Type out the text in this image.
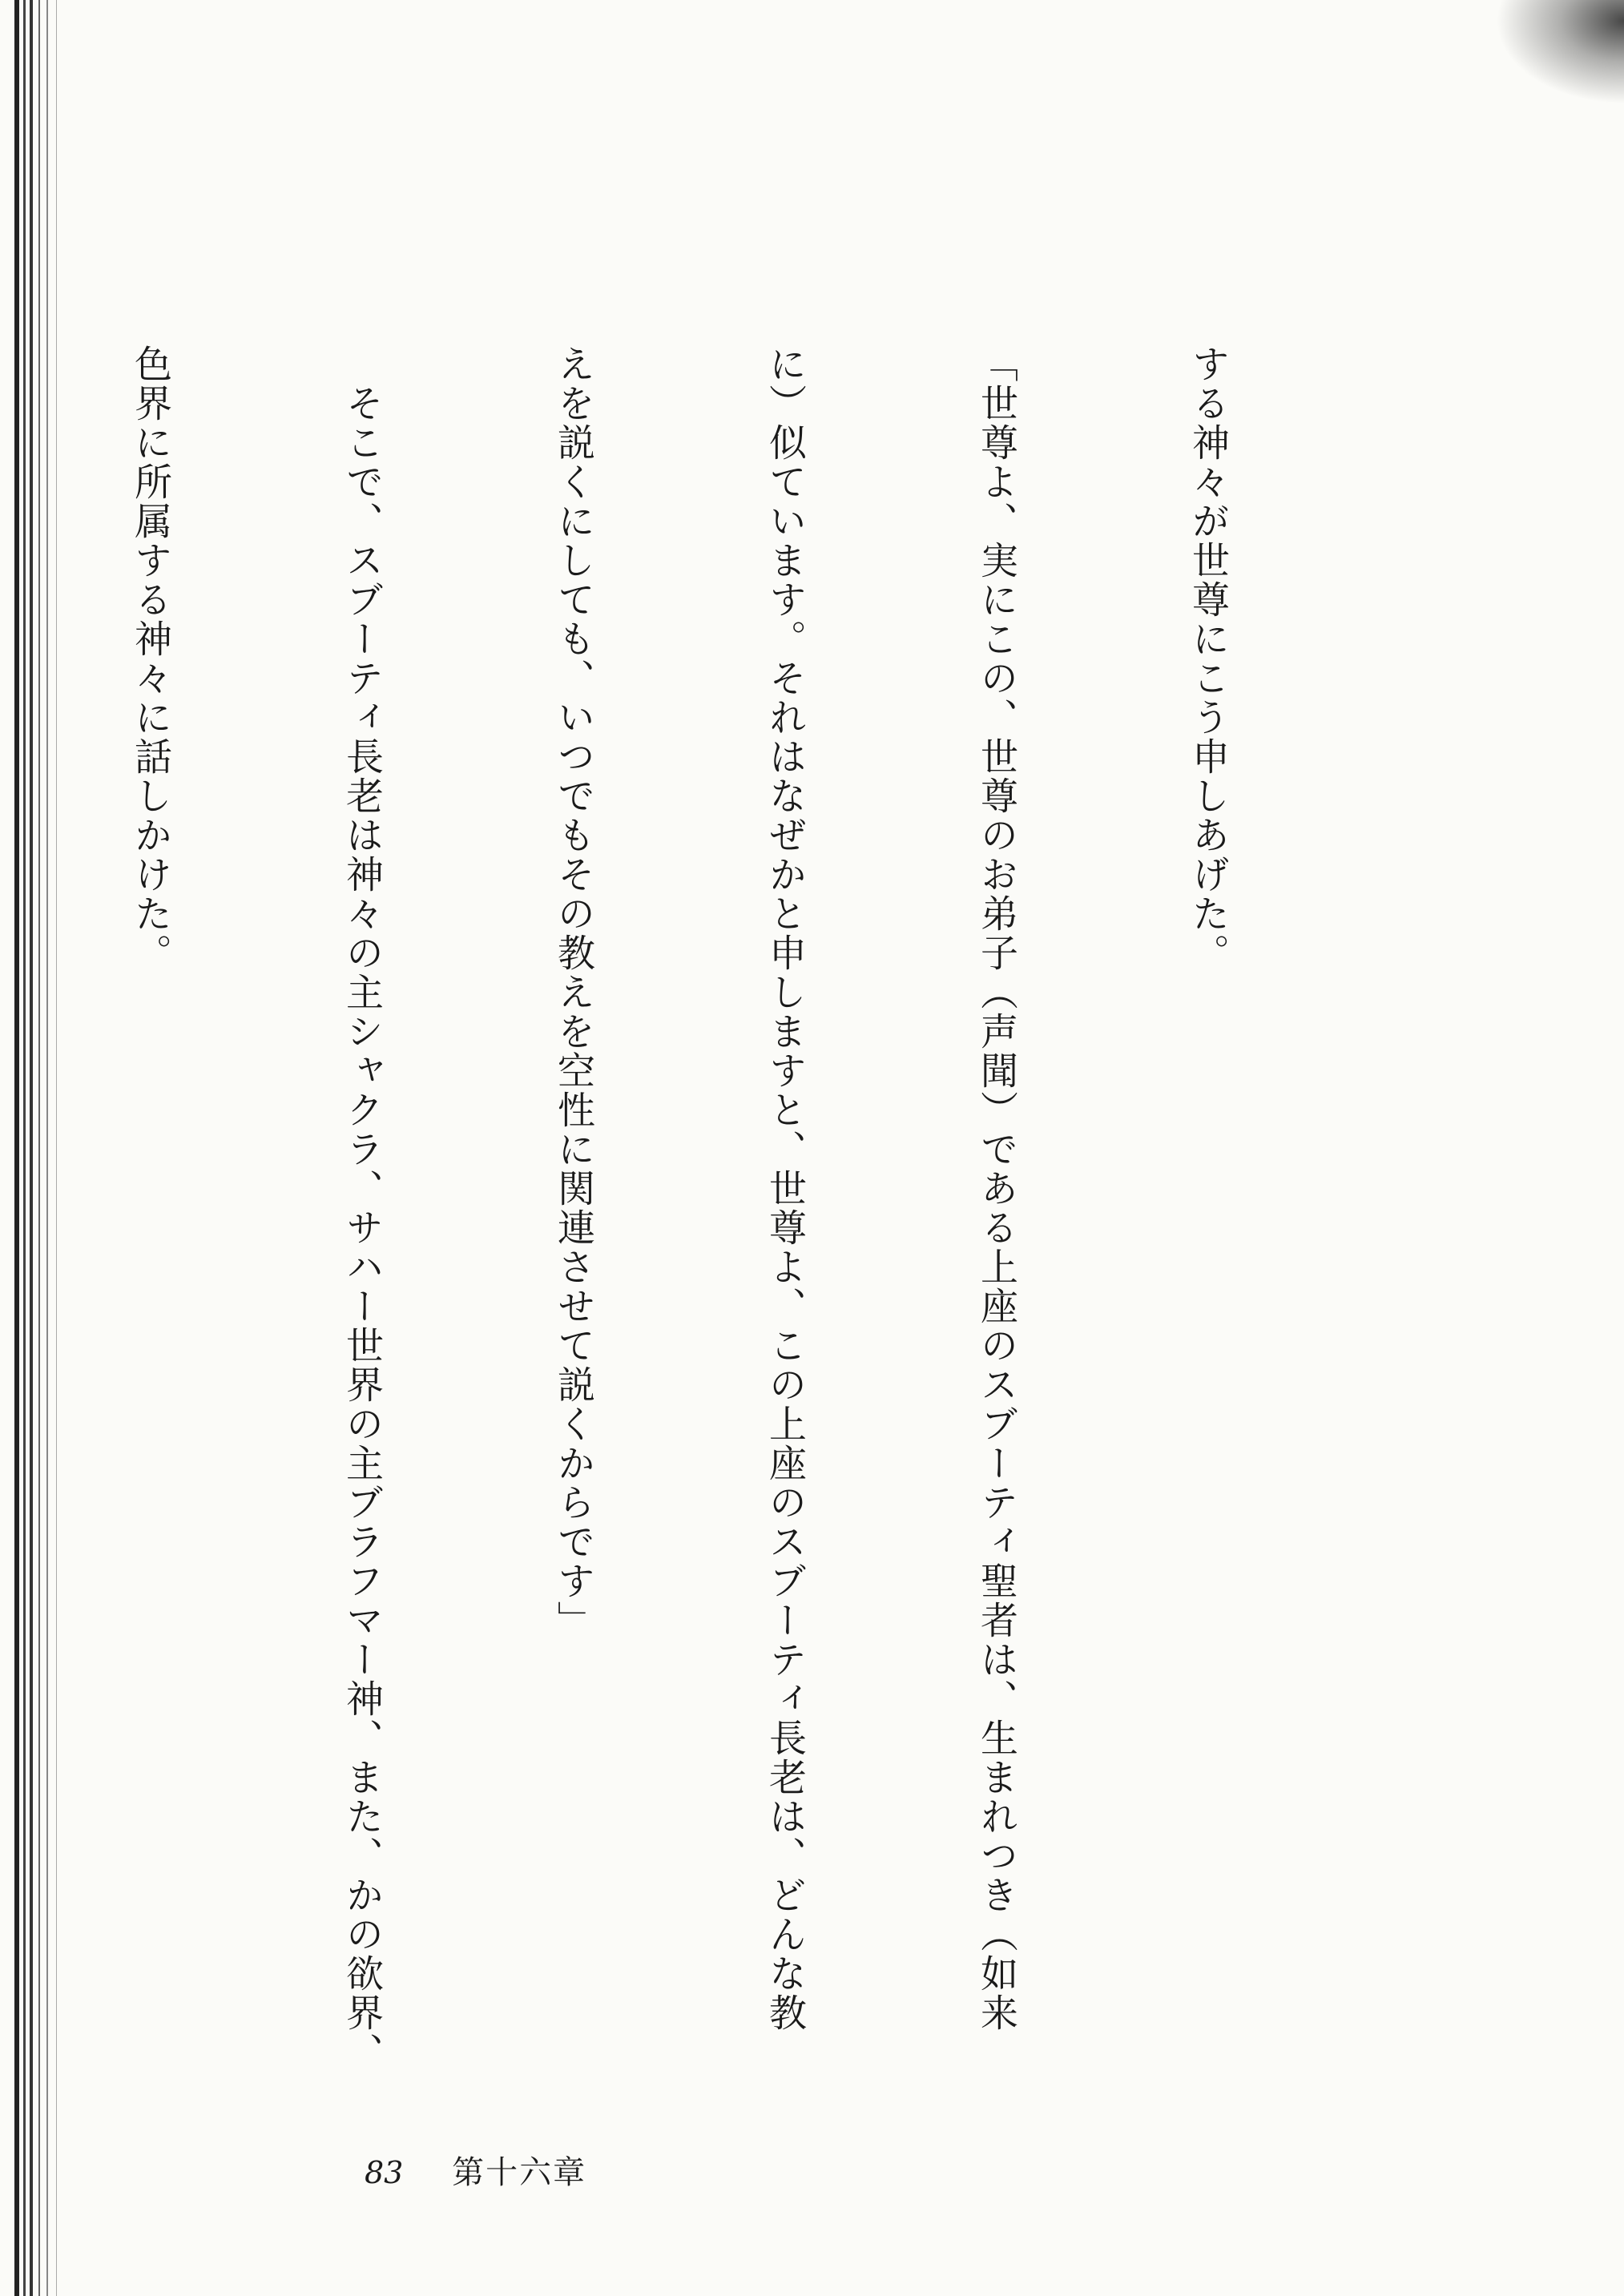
する神々が世尊にこう申しあげた。

「世尊よ、実にこの、世尊のお弟子（声聞）である上座のスブーティ聖者は、生まれつき（如来

に）似ています。それはなぜかと申しますと、世尊よ、この上座のスブーティ長老は、どんな教

えを説くにしても、いつでもその教えを空性に関連させて説くからです」

　そこで、スブーティ長老は神々の主シャクラ、サハー世界の主ブラフマー神、また、かの欲界、

色界に所属する神々に話しかけた。

83 第十六章
